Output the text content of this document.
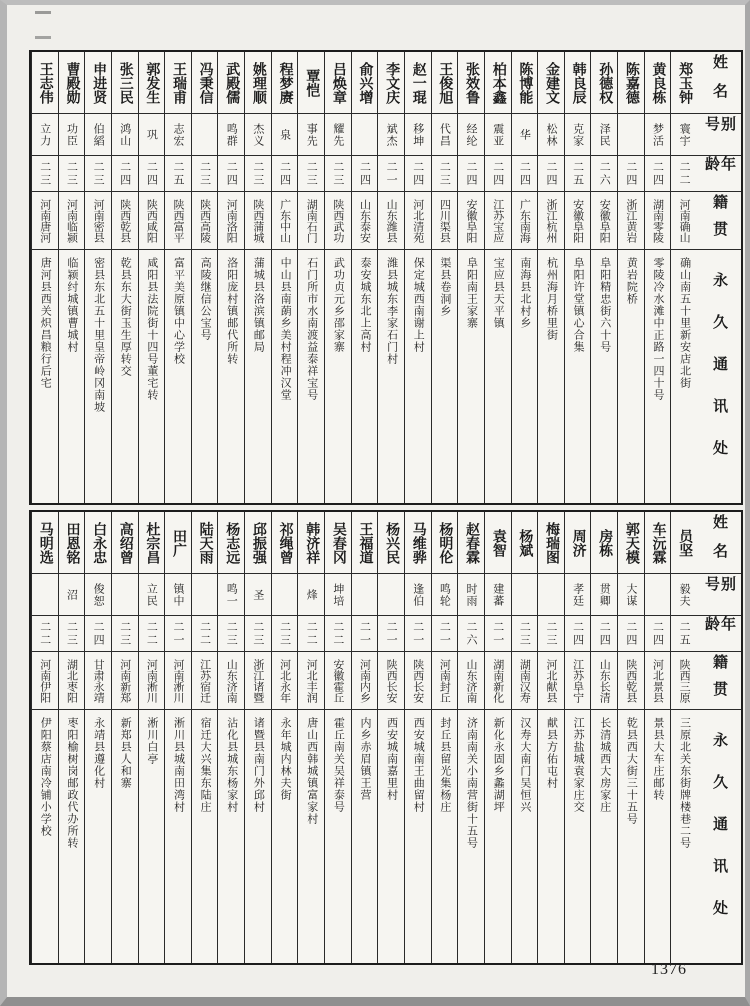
姓名
别号
年龄
籍贯
永久通讯处
郑玉钟
寰宇
二二
河南确山
确山南五十里新安店北街
黄良栋
梦活
二四
湖南零陵
零陵冷水滩中正路一四十号
陈嘉德
二四
浙江黄岩
黄岩院桥
孙德权
泽民
二六
安徽阜阳
阜阳精忠街六十号
韩良辰
克家
二五
安徽阜阳
阜阳许堂镇心合集
金建文
松林
二四
浙江杭州
杭州海月桥里街
陈博能
华
二四
广东南海
南海县北村乡
柏本鑫
震亚
二四
江苏宝应
宝应县天平镇
张效鲁
经纶
二四
安徽阜阳
阜阳南王家寨
王俊旭
代昌
二三
四川渠县
渠县卷洞乡
赵一琨
移坤
二四
河北清苑
保定城西南谢上村
李文庆
斌杰
二一
山东潍县
潍县城东李家石门村
俞兴增
二四
山东泰安
泰安城东北上高村
吕焕章
耀先
二三
陕西武功
武功贞元乡邵家寨
覃恺
事先
二三
湖南石门
石门所市水南渡益泰祥宝号
程梦赓
泉
二四
广东中山
中山县南蓢乡美村程冲汉堂
姚理顺
杰义
二三
陕西蒲城
蒲城县洛滨镇邮局
武殿儒
鸣群
二四
河南洛阳
洛阳庞村镇邮代所转
冯秉信
二三
陕西高陵
高陵继信公宝号
王瑞甫
志宏
二五
陕西富平
富平美原镇中心学校
郭发生
巩
二四
陕西咸阳
咸阳县法院街十四号董宅转
张三民
鸿山
二四
陕西乾县
乾县东大街玉生厚转交
申进贤
伯縚
二三
河南密县
密县东北五十里皇帝岭冈南坡
曹殿勋
功臣
二三
河南临颍
临颍纣城镇曹城村
王志伟
立力
二三
河南唐河
唐河县西关炽昌粮行后宅
姓名
别号
年龄
籍贯
永久通讯处
员坚
毅夫
二五
陕西三原
三原北关东街牌楼巷二号
车沅霖
二四
河北景县
景县大车庄邮转
郭天模
大谋
二四
陕西乾县
乾县西大街三十五号
房栋
贯卿
二四
山东长清
长清城西大房家庄
周济
孝廷
二四
江苏阜宁
江苏盐城袁家庄交
梅瑞图
二三
河北献县
献县方佑屯村
杨斌
二三
湖南汉寿
汉寿大南门吴恒兴
袁智
建蕃
二一
湖南新化
新化永固乡蠡湖坪
赵春霖
时雨
二六
山东济南
济南南关小南营街十五号
杨明伦
鸣轮
二一
河南封丘
封丘县留光集杨庄
马维骅
逢伯
二一
陕西长安
西安城南王曲留村
杨兴民
二一
陕西长安
西安城南嘉里村
王福道
二一
河南内乡
内乡赤眉镇王营
吴春冈
坤培
二二
安徽霍丘
霍丘南关吴祥泰号
韩济祥
烽
二二
河北丰润
唐山西韩城镇富家村
祁绳曾
二三
河北永年
永年城内林夫街
邱振强
圣
二三
浙江诸暨
诸暨县南门外邱村
杨志远
鸣一
二三
山东济南
沾化县城东杨家村
陆天雨
二二
江苏宿迁
宿迁大兴集东陆庄
田广
镇中
二一
河南淅川
淅川县城南田湾村
杜宗昌
立民
二二
河南淅川
淅川白亭
高绍曾
二三
河南新郑
新郑县人和寨
白永忠
俊恕
二四
甘肃永靖
永靖县遵化村
田恩铭
沼
二三
湖北枣阳
枣阳榆树岗邮政代办所转
马明选
二二
河南伊阳
伊阳蔡店南冷铺小学校
1376
